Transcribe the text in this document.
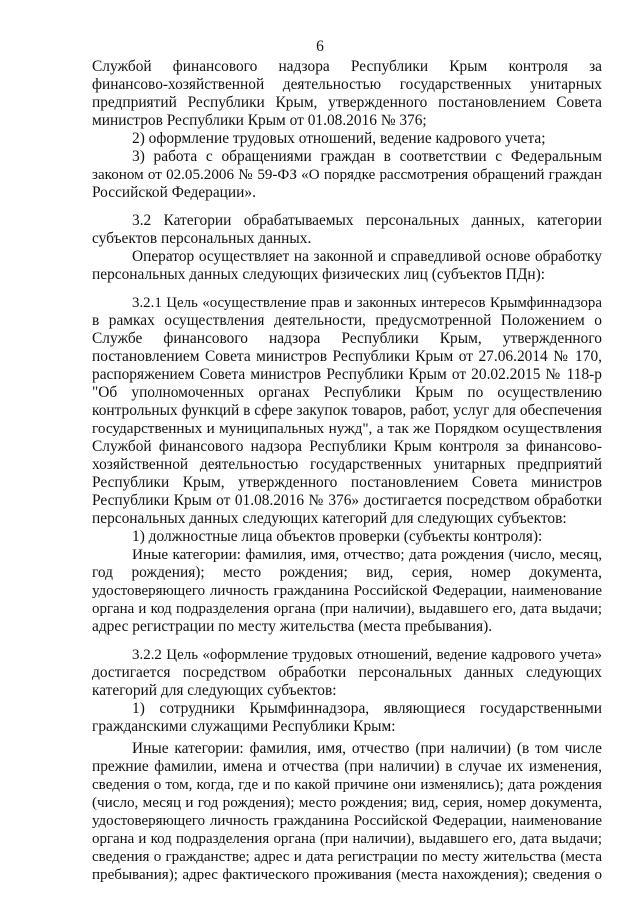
6
Службой финансового надзора Республики Крым контроля за
финансово-хозяйственной деятельностью государственных унитарных
предприятий Республики Крым, утвержденного постановлением Совета
министров Республики Крым от 01.08.2016 № 376;
2) оформление трудовых отношений, ведение кадрового учета;
3) работа с обращениями граждан в соответствии с Федеральным
законом от 02.05.2006 № 59-ФЗ «О порядке рассмотрения обращений граждан
Российской Федерации».
3.2 Категории обрабатываемых персональных данных, категории
субъектов персональных данных.
Оператор осуществляет на законной и справедливой основе обработку
персональных данных следующих физических лиц (субъектов ПДн):
3.2.1 Цель «осуществление прав и законных интересов Крымфиннадзора
в рамках осуществления деятельности, предусмотренной Положением о
Службе финансового надзора Республики Крым, утвержденного
постановлением Совета министров Республики Крым от 27.06.2014 № 170,
распоряжением Совета министров Республики Крым от 20.02.2015 № 118-р
"Об уполномоченных органах Республики Крым по осуществлению
контрольных функций в сфере закупок товаров, работ, услуг для обеспечения
государственных и муниципальных нужд", а так же Порядком осуществления
Службой финансового надзора Республики Крым контроля за финансово-
хозяйственной деятельностью государственных унитарных предприятий
Республики Крым, утвержденного постановлением Совета министров
Республики Крым от 01.08.2016 № 376» достигается посредством обработки
персональных данных следующих категорий для следующих субъектов:
1) должностные лица объектов проверки (субъекты контроля):
Иные категории: фамилия, имя, отчество; дата рождения (число, месяц,
год рождения); место рождения; вид, серия, номер документа,
удостоверяющего личность гражданина Российской Федерации, наименование
органа и код подразделения органа (при наличии), выдавшего его, дата выдачи;
адрес регистрации по месту жительства (места пребывания).
3.2.2 Цель «оформление трудовых отношений, ведение кадрового учета»
достигается посредством обработки персональных данных следующих
категорий для следующих субъектов:
1) сотрудники Крымфиннадзора, являющиеся государственными
гражданскими служащими Республики Крым:
Иные категории: фамилия, имя, отчество (при наличии) (в том числе
прежние фамилии, имена и отчества (при наличии) в случае их изменения,
сведения о том, когда, где и по какой причине они изменялись); дата рождения
(число, месяц и год рождения); место рождения; вид, серия, номер документа,
удостоверяющего личность гражданина Российской Федерации, наименование
органа и код подразделения органа (при наличии), выдавшего его, дата выдачи;
сведения о гражданстве; адрес и дата регистрации по месту жительства (места
пребывания); адрес фактического проживания (места нахождения); сведения о
